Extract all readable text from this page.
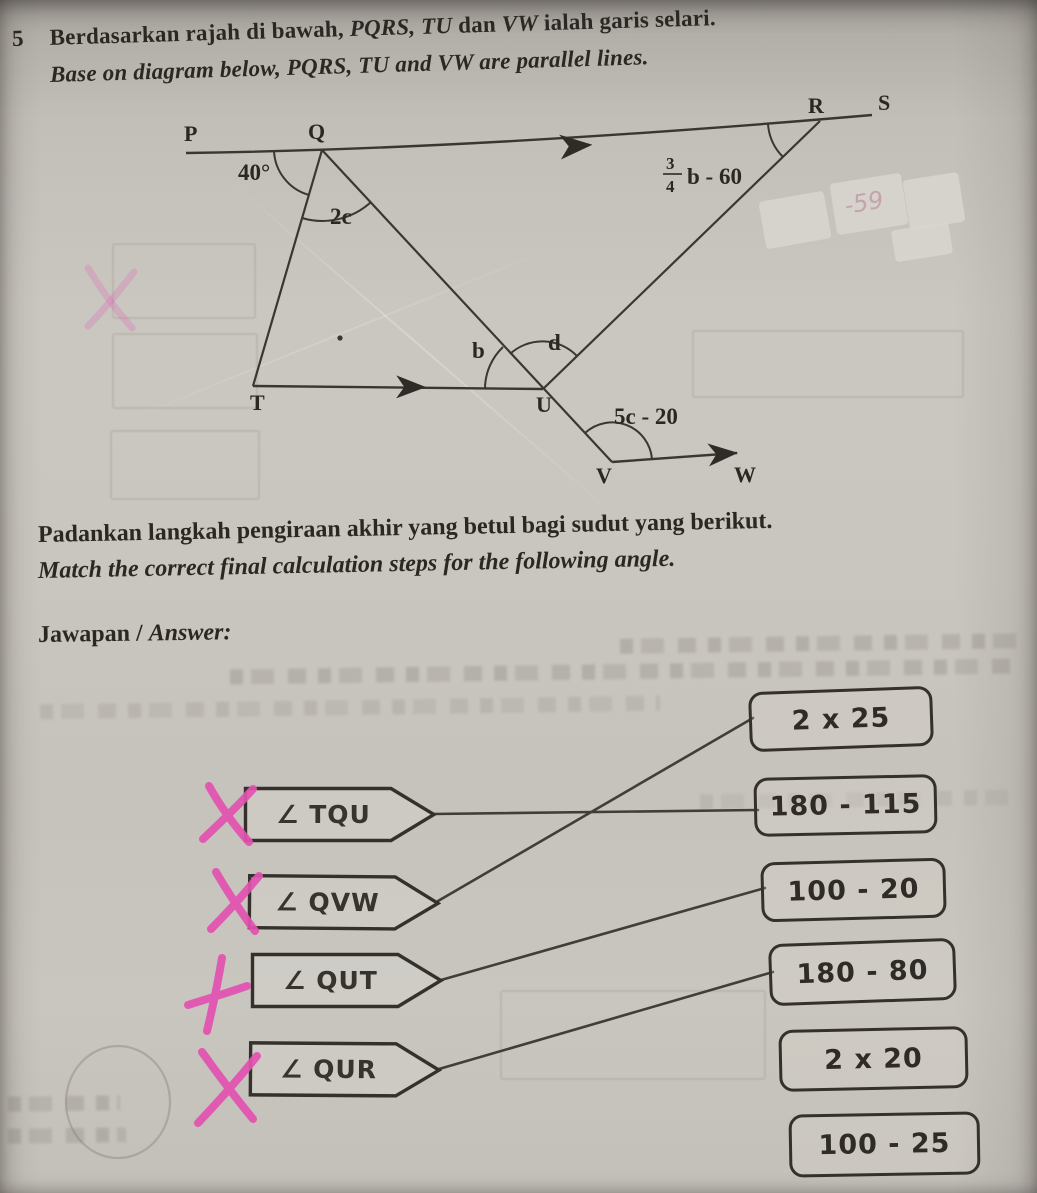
5 Berdasarkan rajah di bawah, PQRS, TU dan VW ialah garis selari.
Base on diagram below, PQRS, TU and VW are parallel lines.
-59
P	Q
R S
T	U
V	W
40°
2c
3
4 b - 60
b	d
5c - 20
Padankan langkah pengiraan akhir yang betul bagi sudut yang berikut.
Match the correct final calculation steps for the following angle.
Jawapan / Answer:
∠ TQU
∠ QVW
∠ QUT
∠ QUR
2 x 25
180 - 115
100 - 20
180 - 80
2 x 20
100 - 25
